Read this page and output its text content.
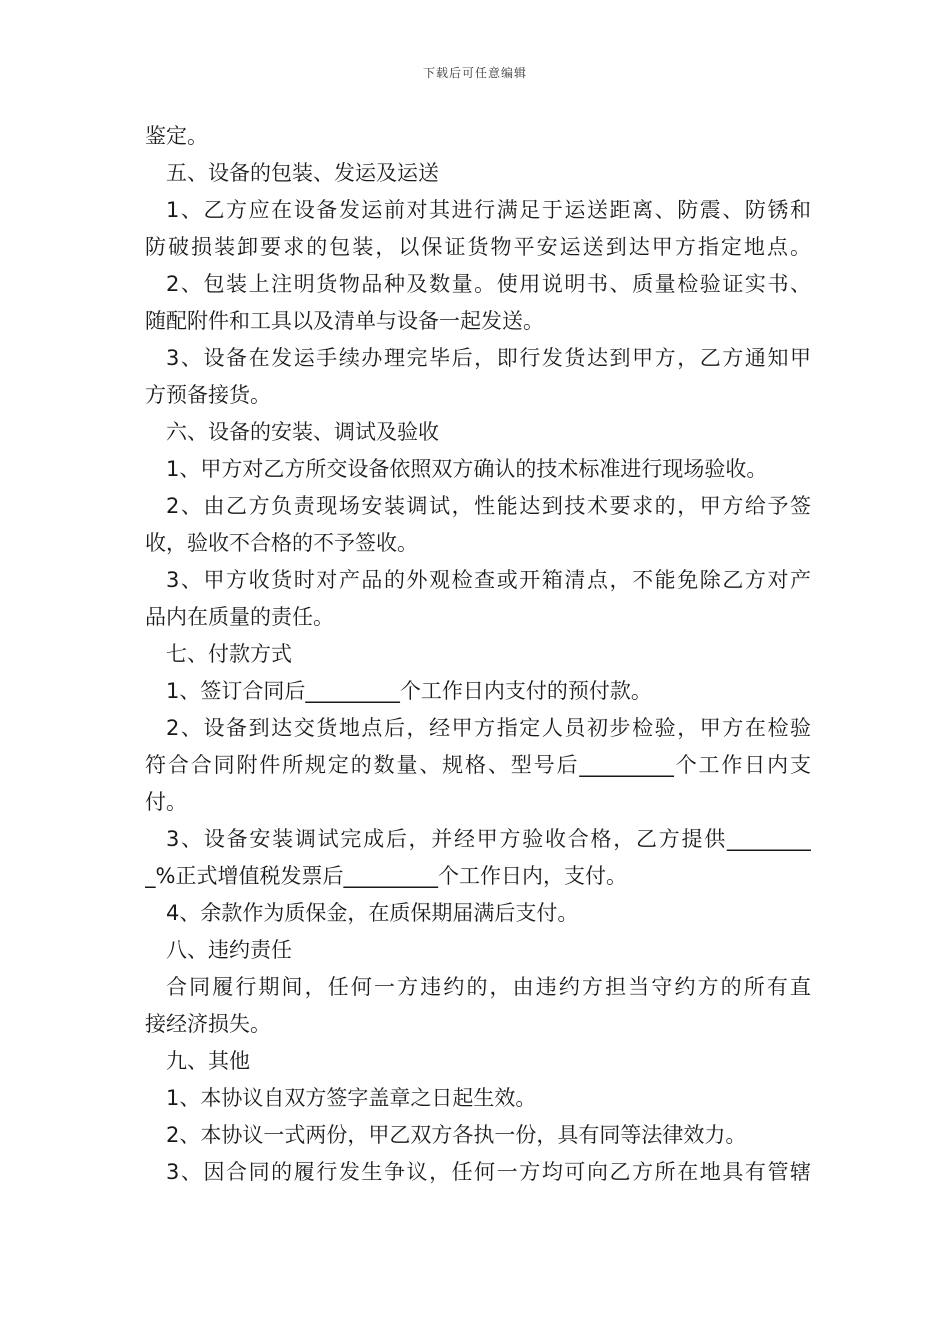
下载后可任意编辑
鉴定。
五、设备的包装、发运及运送
1、乙方应在设备发运前对其进行满足于运送距离、防震、防锈和
防破损装卸要求的包装，以保证货物平安运送到达甲方指定地点。
2、包装上注明货物品种及数量。使用说明书、质量检验证实书、
随配附件和工具以及清单与设备一起发送。
3、设备在发运手续办理完毕后，即行发货达到甲方，乙方通知甲
方预备接货。
六、设备的安装、调试及验收
1、甲方对乙方所交设备依照双方确认的技术标准进行现场验收。
2、由乙方负责现场安装调试，性能达到技术要求的，甲方给予签
收，验收不合格的不予签收。
3、甲方收货时对产品的外观检查或开箱清点，不能免除乙方对产
品内在质量的责任。
七、付款方式
1、签订合同后_________个工作日内支付的预付款。
2、设备到达交货地点后，经甲方指定人员初步检验，甲方在检验
符合合同附件所规定的数量、规格、型号后_________个工作日内支
付。
3、设备安装调试完成后，并经甲方验收合格，乙方提供________
_%正式增值税发票后_________个工作日内，支付。
4、余款作为质保金，在质保期届满后支付。
八、违约责任
合同履行期间，任何一方违约的，由违约方担当守约方的所有直
接经济损失。
九、其他
1、本协议自双方签字盖章之日起生效。
2、本协议一式两份，甲乙双方各执一份，具有同等法律效力。
3、因合同的履行发生争议，任何一方均可向乙方所在地具有管辖
